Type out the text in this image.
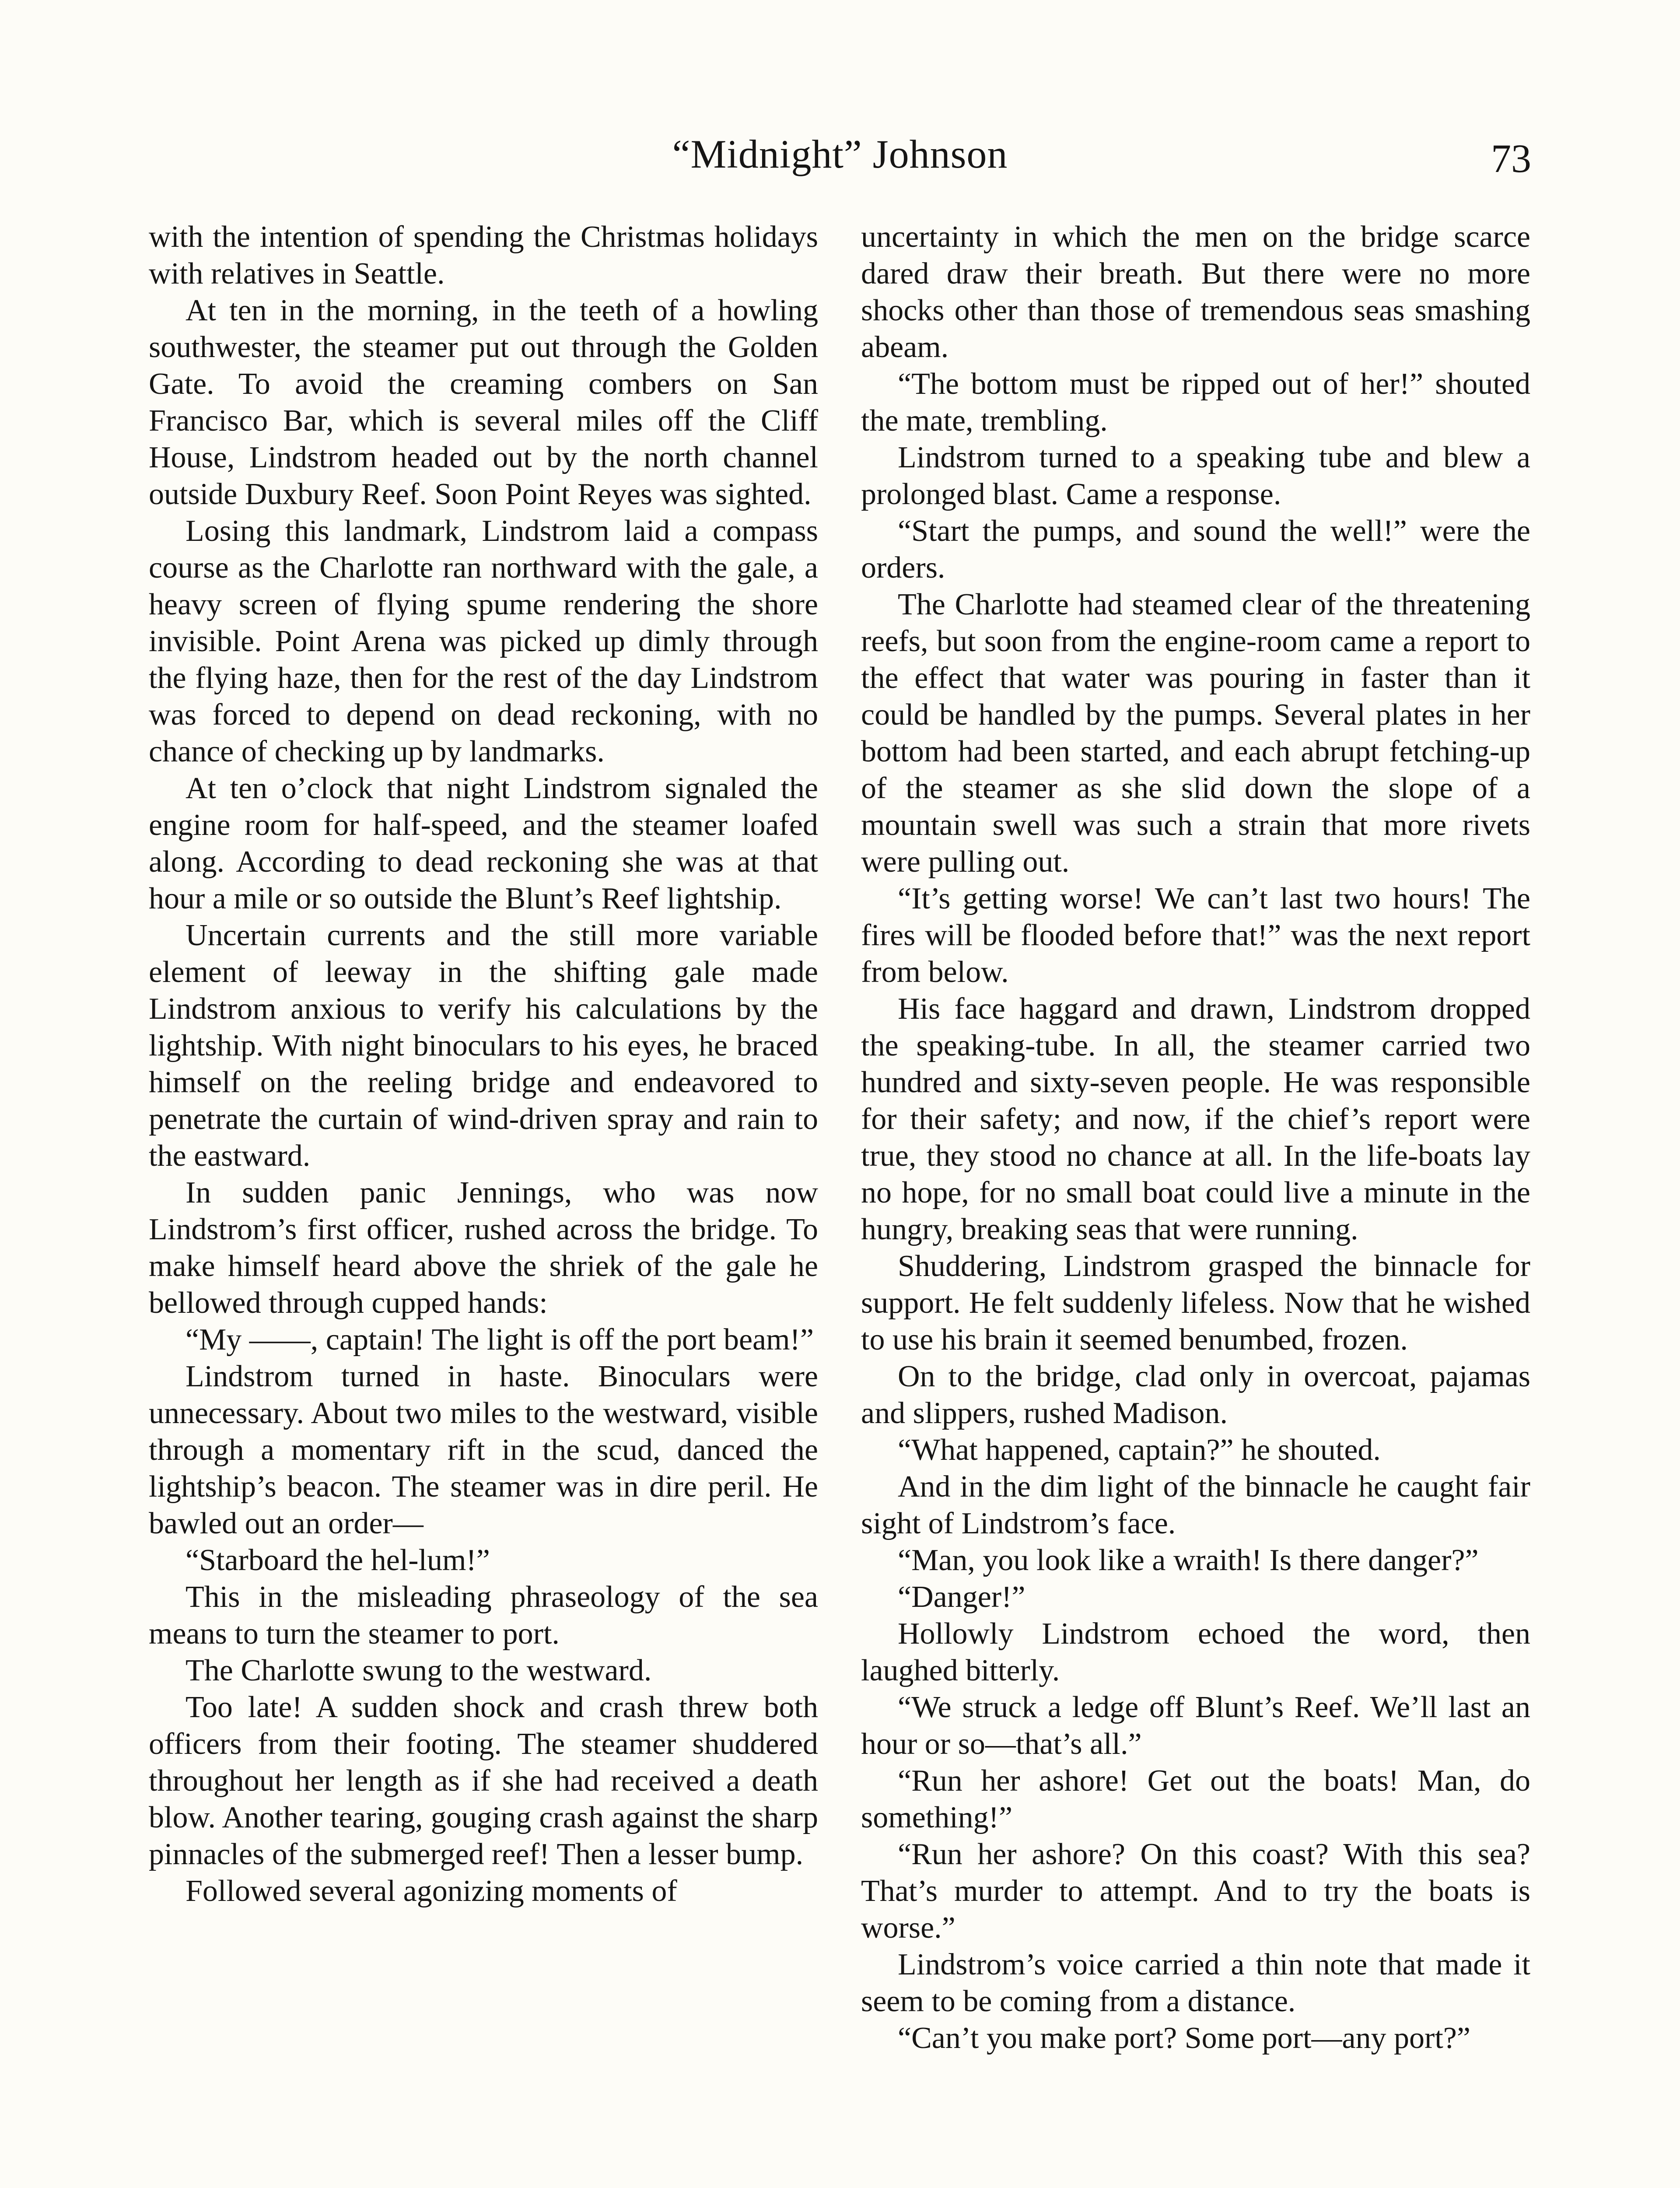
“Midnight” Johnson	73

with the intention of spending the Christmas holidays with relatives in Seattle.

At ten in the morning, in the teeth of a howling southwester, the steamer put out through the Golden Gate. To avoid the creaming combers on San Francisco Bar, which is several miles off the Cliff House, Lindstrom headed out by the north channel outside Duxbury Reef. Soon Point Reyes was sighted.

Losing this landmark, Lindstrom laid a compass course as the Charlotte ran northward with the gale, a heavy screen of flying spume rendering the shore invisible. Point Arena was picked up dimly through the flying haze, then for the rest of the day Lindstrom was forced to depend on dead reckoning, with no chance of checking up by landmarks.

At ten o’clock that night Lindstrom signaled the engine room for half-speed, and the steamer loafed along. According to dead reckoning she was at that hour a mile or so outside the Blunt’s Reef lightship.

Uncertain currents and the still more variable element of leeway in the shifting gale made Lindstrom anxious to verify his calculations by the lightship. With night binoculars to his eyes, he braced himself on the reeling bridge and endeavored to penetrate the curtain of wind-driven spray and rain to the eastward.

In sudden panic Jennings, who was now Lindstrom’s first officer, rushed across the bridge. To make himself heard above the shriek of the gale he bellowed through cupped hands:

“My ——, captain! The light is off the port beam!”

Lindstrom turned in haste. Binoculars were unnecessary. About two miles to the westward, visible through a momentary rift in the scud, danced the lightship’s beacon. The steamer was in dire peril. He bawled out an order—

“Starboard the hel-lum!”

This in the misleading phraseology of the sea means to turn the steamer to port.

The Charlotte swung to the westward.

Too late! A sudden shock and crash threw both officers from their footing. The steamer shuddered throughout her length as if she had received a death blow. Another tearing, gouging crash against the sharp pinnacles of the submerged reef! Then a lesser bump.

Followed several agonizing moments of

uncertainty in which the men on the bridge scarce dared draw their breath. But there were no more shocks other than those of tremendous seas smashing abeam.

“The bottom must be ripped out of her!” shouted the mate, trembling.

Lindstrom turned to a speaking tube and blew a prolonged blast. Came a response.

“Start the pumps, and sound the well!” were the orders.

The Charlotte had steamed clear of the threatening reefs, but soon from the engine-room came a report to the effect that water was pouring in faster than it could be handled by the pumps. Several plates in her bottom had been started, and each abrupt fetching-up of the steamer as she slid down the slope of a mountain swell was such a strain that more rivets were pulling out.

“It’s getting worse! We can’t last two hours! The fires will be flooded before that!” was the next report from below.

His face haggard and drawn, Lindstrom dropped the speaking-tube. In all, the steamer carried two hundred and sixty-seven people. He was responsible for their safety; and now, if the chief’s report were true, they stood no chance at all. In the life-boats lay no hope, for no small boat could live a minute in the hungry, breaking seas that were running.

Shuddering, Lindstrom grasped the binnacle for support. He felt suddenly lifeless. Now that he wished to use his brain it seemed benumbed, frozen.

On to the bridge, clad only in overcoat, pajamas and slippers, rushed Madison.

“What happened, captain?” he shouted.

And in the dim light of the binnacle he caught fair sight of Lindstrom’s face.

“Man, you look like a wraith! Is there danger?”

“Danger!”

Hollowly Lindstrom echoed the word, then laughed bitterly.

“We struck a ledge off Blunt’s Reef. We’ll last an hour or so—that’s all.”

“Run her ashore! Get out the boats! Man, do something!”

“Run her ashore? On this coast? With this sea? That’s murder to attempt. And to try the boats is worse.”

Lindstrom’s voice carried a thin note that made it seem to be coming from a distance.

“Can’t you make port? Some port—any port?”
